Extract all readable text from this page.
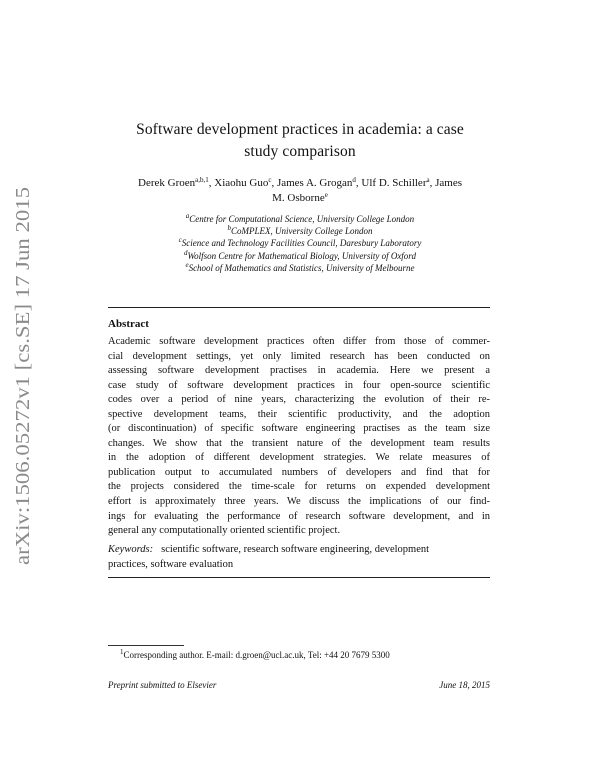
arXiv:1506.05272v1 [cs.SE] 17 Jun 2015
Software development practices in academia: a case
study comparison
Derek Groen$^{a,b,1}$, Xiaohu Guo$^c$, James A. Grogan$^d$, Ulf D. Schiller$^a$, James
M. Osborne$^e$
$^a$Centre for Computational Science, University College London
$^b$CoMPLEX, University College London
$^c$Science and Technology Facilities Council, Daresbury Laboratory
$^d$Wolfson Centre for Mathematical Biology, University of Oxford
$^e$School of Mathematics and Statistics, University of Melbourne
Abstract
Academic software development practices often differ from those of commer-
cial development settings, yet only limited research has been conducted on
assessing software development practises in academia. Here we present a
case study of software development practices in four open-source scientific
codes over a period of nine years, characterizing the evolution of their re-
spective development teams, their scientific productivity, and the adoption
(or discontinuation) of specific software engineering practises as the team size
changes. We show that the transient nature of the development team results
in the adoption of different development strategies. We relate measures of
publication output to accumulated numbers of developers and find that for
the projects considered the time-scale for returns on expended development
effort is approximately three years. We discuss the implications of our find-
ings for evaluating the performance of research software development, and in
general any computationally oriented scientific project.
Keywords: scientific software, research software engineering, development
practices, software evaluation
$^1$Corresponding author. E-mail: d.groen@ucl.ac.uk, Tel: +44 20 7679 5300
Preprint submitted to Elsevier	June 18, 2015
